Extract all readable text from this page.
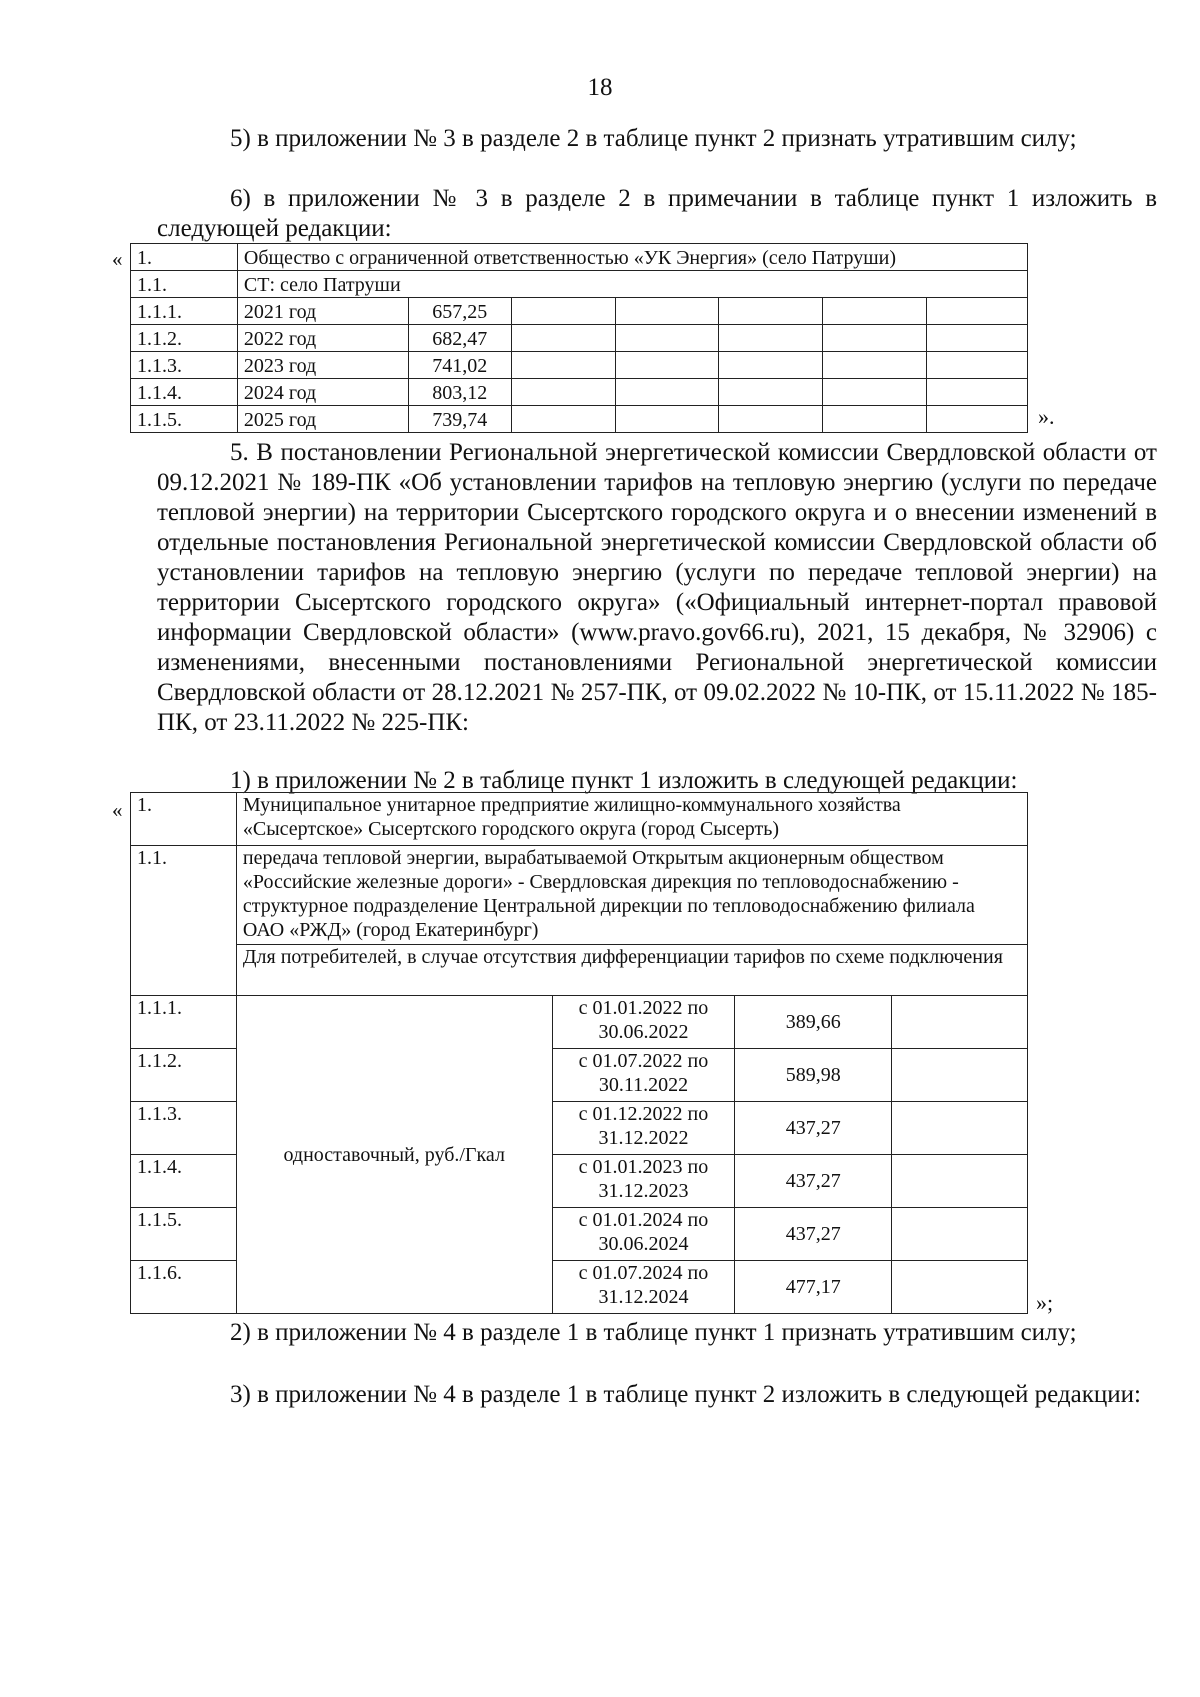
18
5) в приложении № 3 в разделе 2 в таблице пункт 2 признать утратившим силу;
6) в приложении № 3 в разделе 2 в примечании в таблице пункт 1 изложить в следующей редакции:
« 1.	Общество с ограниченной ответственностью «УК Энергия» (село Патруши)						
1.1.	СТ: село Патруши						
1.1.1.	2021 год	657,25					
1.1.2.	2022 год	682,47					
1.1.3.	2023 год	741,02					
1.1.4.	2024 год	803,12					
1.1.5.	2025 год	739,74						».
5. В постановлении Региональной энергетической комиссии Свердловской области от 09.12.2021 № 189-ПК «Об установлении тарифов на тепловую энергию (услуги по передаче тепловой энергии) на территории Сысертского городского округа и о внесении изменений в отдельные постановления Региональной энергетической комиссии Свердловской области об установлении тарифов на тепловую энергию (услуги по передаче тепловой энергии) на территории Сысертского городского округа» («Официальный интернет-портал правовой информации Свердловской области» (www.pravo.gov66.ru), 2021, 15 декабря, № 32906) с изменениями, внесенными постановлениями Региональной энергетической комиссии Свердловской области от 28.12.2021 № 257-ПК, от 09.02.2022 № 10-ПК, от 15.11.2022 № 185-ПК, от 23.11.2022 № 225-ПК:
1) в приложении № 2 в таблице пункт 1 изложить в следующей редакции:
« 1.	Муниципальное унитарное предприятие жилищно-коммунального хозяйства «Сысертское» Сысертского городского округа (город Сысерть)			
1.1.	передача тепловой энергии, вырабатываемой Открытым акционерным обществом «Российские железные дороги» - Свердловская дирекция по тепловодоснабжению - структурное подразделение Центральной дирекции по тепловодоснабжению филиала ОАО «РЖД» (город Екатеринбург)			
	Для потребителей, в случае отсутствия дифференциации тарифов по схеме подключения			
1.1.1.	одноставочный, руб./Гкал	с 01.01.2022 по 30.06.2022	389,66	
1.1.2.		с 01.07.2022 по 30.11.2022	589,98	
1.1.3.		с 01.12.2022 по 31.12.2022	437,27	
1.1.4.		с 01.01.2023 по 31.12.2023	437,27	
1.1.5.		с 01.01.2024 по 30.06.2024	437,27	
1.1.6.		с 01.07.2024 по 31.12.2024	477,17	
»;
2) в приложении № 4 в разделе 1 в таблице пункт 1 признать утратившим силу;
3) в приложении № 4 в разделе 1 в таблице пункт 2 изложить в следующей редакции:
